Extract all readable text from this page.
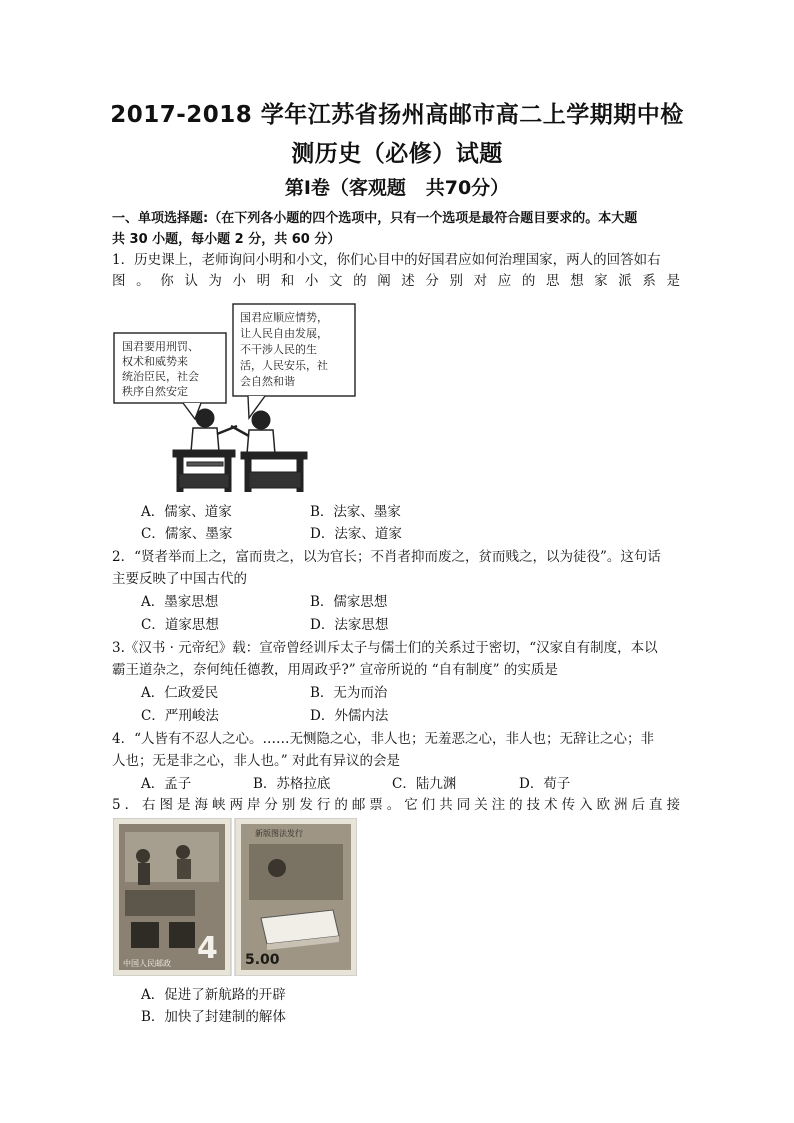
2017-2018 学年江苏省扬州高邮市高二上学期期中检
测历史（必修）试题
第Ⅰ卷（客观题   共70分）
一、单项选择题:（在下列各小题的四个选项中，只有一个选项是最符合题目要求的。本大题
共 30 小题，每小题 2 分，共 60 分）
1．历史课上，老师询问小明和小文，你们心目中的好国君应如何治理国家，两人的回答如右
图。你认为小明和小文的阐述分别对应的思想家派系是
国君要用刑罚、 权术和威势来 统治臣民，社会 秩序自然安定
国君应顺应情势， 让人民自由发展， 不干涉人民的生 活，人民安乐，社 会自然和谐
A．儒家、道家	B．法家、墨家
C．儒家、墨家	D．法家、道家
2．“贤者举而上之，富而贵之，以为官长；不肖者抑而废之，贫而贱之，以为徒役”。这句话
主要反映了中国古代的
A．墨家思想	B．儒家思想
C．道家思想	D．法家思想
3.《汉书 · 元帝纪》载：宣帝曾经训斥太子与儒士们的关系过于密切，“汉家自有制度，本以
霸王道杂之，奈何纯任德教，用周政乎?” 宣帝所说的 “自有制度” 的实质是
A．仁政爱民	B．无为而治
C．严刑峻法	D．外儒内法
4．“人皆有不忍人之心。……无恻隐之心，非人也；无羞恶之心，非人也；无辞让之心；非
人也；无是非之心，非人也。” 对此有异议的会是
A．孟子	B．苏格拉底	C．陆九渊	D．荀子
5．右图是海峡两岸分别发行的邮票。它们共同关注的技术传入欧洲后直接
4
中国人民邮政
新版图法发行
5.00
A．促进了新航路的开辟
B．加快了封建制的解体
